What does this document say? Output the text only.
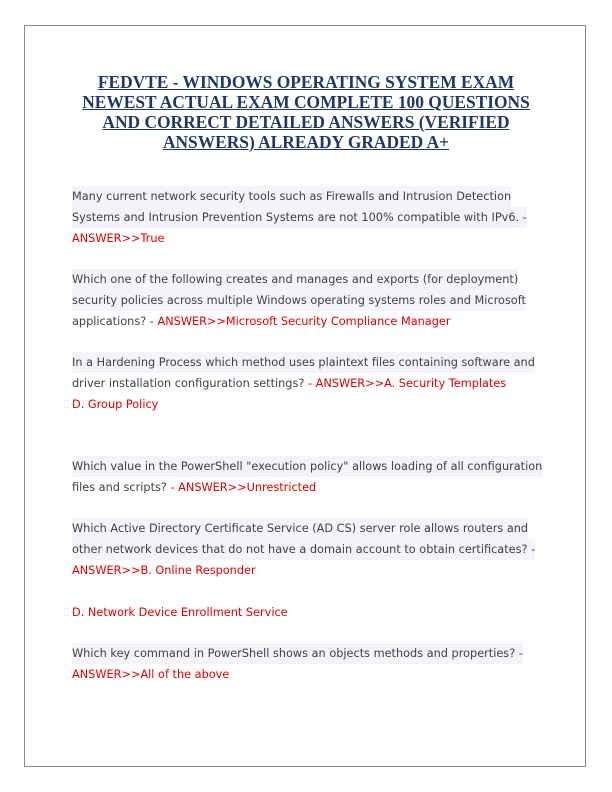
FEDVTE - WINDOWS OPERATING SYSTEM EXAM
NEWEST ACTUAL EXAM COMPLETE 100 QUESTIONS
AND CORRECT DETAILED ANSWERS (VERIFIED
ANSWERS) ALREADY GRADED A+
Many current network security tools such as Firewalls and Intrusion Detection Systems and Intrusion Prevention Systems are not 100% compatible with IPv6. -
ANSWER>>True
Which one of the following creates and manages and exports (for deployment) security policies across multiple Windows operating systems roles and Microsoft
applications? - ANSWER>>Microsoft Security Compliance Manager
In a Hardening Process which method uses plaintext files containing software and
driver installation configuration settings? - ANSWER>>A. Security Templates
D. Group Policy
Which value in the PowerShell "execution policy" allows loading of all configuration
files and scripts? - ANSWER>>Unrestricted
Which Active Directory Certificate Service (AD CS) server role allows routers and other network devices that do not have a domain account to obtain certificates? -
ANSWER>>B. Online Responder
D. Network Device Enrollment Service
Which key command in PowerShell shows an objects methods and properties? -
ANSWER>>All of the above
